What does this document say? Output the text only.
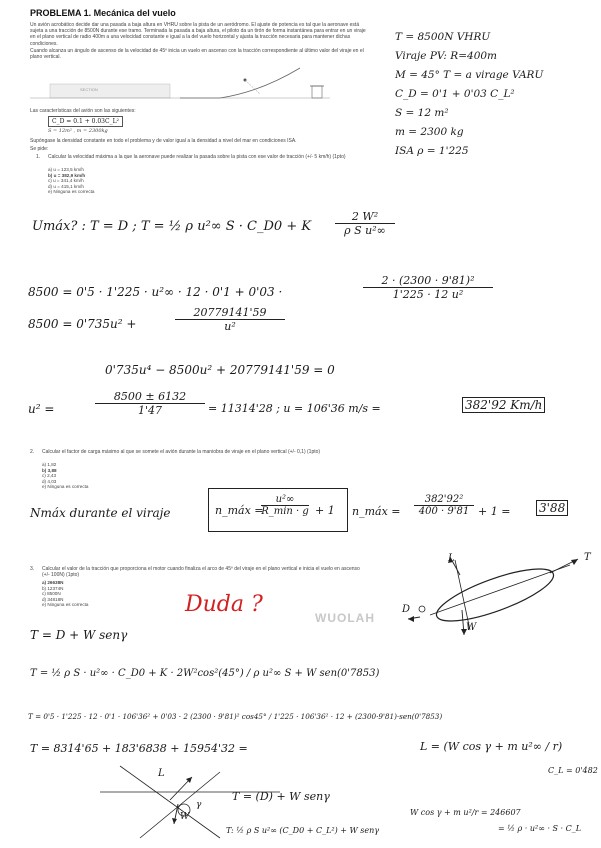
PROBLEMA 1. Mecánica del vuelo
Un avión acrobático decide dar una pasada a baja altura en VHRU sobre la pista de un aeródromo. El ajuste de potencia es tal que la aeronave está sujeta a una tracción de 8500N durante ese tramo. Terminada la pasada a baja altura, el piloto da un tirón de forma instantánea para entrar en un viraje en el plano vertical de radio 400m a una velocidad constante e igual a la del vuelo horizontal y ajusta la tracción necesaria para mantener dichas condiciones.
Cuando alcanza un ángulo de ascenso de la velocidad de 45º inicia un vuelo en ascenso con la tracción correspondiente al último valor del viraje en el plano vertical.
SECTION
Las características del avión son las siguientes:
C_D = 0.1 + 0.03C_L²
S = 12m² , m = 2300kg
Supóngase la densidad constante en todo el problema y de valor igual a la densidad a nivel del mar en condiciones ISA.
Se pide:
1. Calcular la velocidad máxima a la que la aeronave puede realizar la pasada sobre la pista con ese valor de tracción (+/- 5 km/h) (1pto)
a) u = 123,5 km/h
b) u = 382,9 km/h
c) u = 341,4 km/h
d) u = 415,1 km/h
e) Ninguna es correcta
T = 8500N VHRU
Viraje PV: R=400m
M = 45° T = a virage VARU
C_D = 0'1 + 0'03 C_L²
S = 12 m²
m = 2300 kg
ISA ρ = 1'225
Umáx? : T = D ; T = ½ ρ u²∞ S · C_D0 + K $\frac{\text{2 W²}}{\text{ρ S u²∞}}$
8500 = 0'5 · 1'225 · u²∞ · 12 · 0'1 + 0'03 ·	$\frac{\text{2 · (2300 · 9'81)²}}{\text{1'225 · 12 u²}}$
8500 = 0'735u² +	$\frac{20779141'59}{\text{u²}}$
0'735u⁴ − 8500u² + 20779141'59 = 0
u² =	$\frac{8500 \pm 6132}{1'47} = 11314'28$ ; u = 106'36 m/s =	382'92 Km/h
2. Calcular el factor de carga máximo al que se somete el avión durante la maniobra de viraje en el plano vertical (+/- 0,1) (1pto)
a) 1,82
b) 3,88
c) 2,43
d) 4,03
e) Ninguna es correcta
Nmáx durante el viraje	n_máx =
u²∞
R_min · g + 1 n_máx = $\frac{\text{382'92²}}{400 \cdot 9'81} + 1 = 3'88$
3. Calcular el valor de la tracción que proporciona el motor cuando finaliza el arco de 45º del viraje en el plano vertical e inicia el vuelo en ascenso (+/- 100N) (1pto)
a) 26638N
b) 12374N
c) 8500N
d) 34818N
e) Ninguna es correcta	Duda ?
WUOLAH
L
D
W
T
T = D + W senγ
T = ½ ρ S · u²∞ · C_D0 + K · 2W²cos²(45°) / ρ u²∞ S + W sen(0'7853)
T = 0'5 · 1'225 · 12 · 0'1 · 106'36² + 0'03 · 2 (2300 · 9'81)² cos45° / 1'225 · 106'36² · 12 + (2300·9'81)·sen(0'7853)
T = 8314'65 + 183'6838 + 15954'32 =	L = (W cos γ + m u²∞ / r)
C_L = 0'482
L
γ
W
T = (D) + W senγ
T: ½ ρ S u²∞ (C_D0 + C_L²) + W senγ
W cos γ + m u²/r = 246607
= ½ ρ · u²∞ · S · C_L
